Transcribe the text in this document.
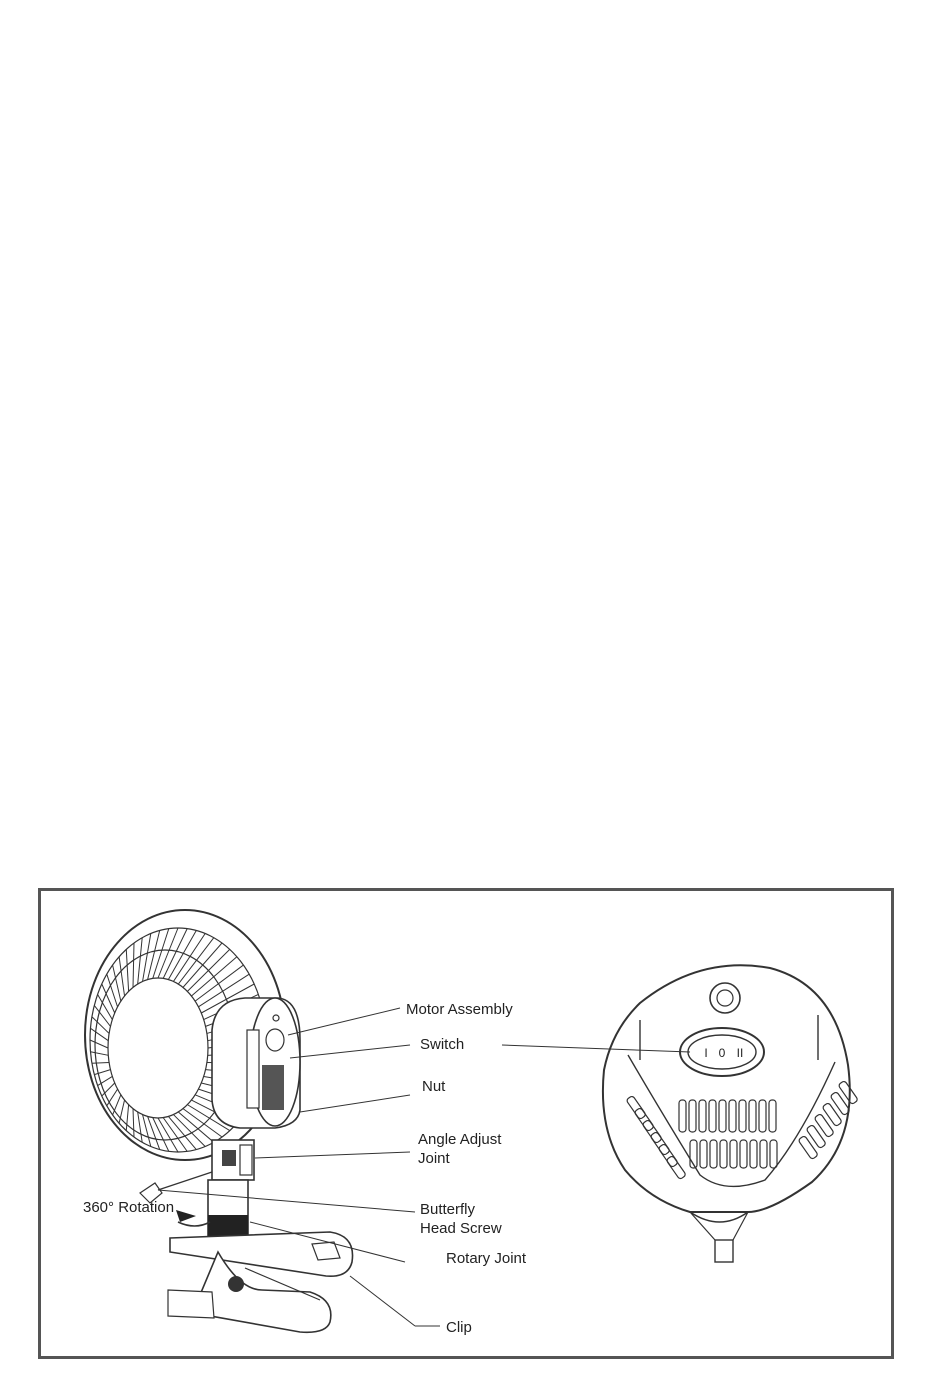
I 0 II
Motor Assembly
Switch
Nut
Angle Adjust
Joint
Butterfly
Head Screw
360° Rotation
Rotary Joint
Clip
